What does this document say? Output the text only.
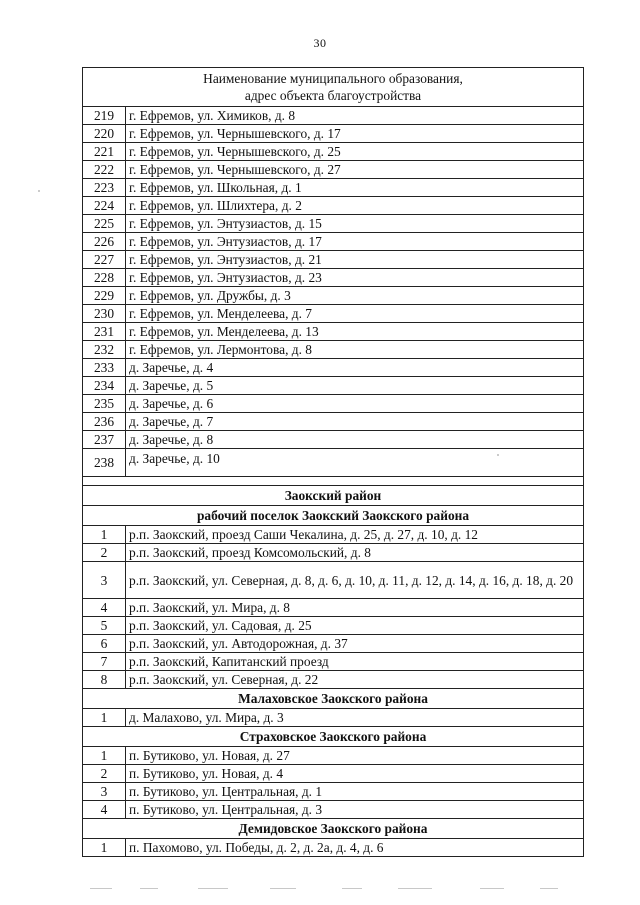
30
Наименование муниципального образования,
адрес объекта благоустройства	

219	г. Ефремов, ул. Химиков, д. 8
220	г. Ефремов, ул. Чернышевского, д. 17
221	г. Ефремов, ул. Чернышевского, д. 25
222	г. Ефремов, ул. Чернышевского, д. 27
223	г. Ефремов, ул. Школьная, д. 1
224	г. Ефремов, ул. Шлихтера, д. 2
225	г. Ефремов, ул. Энтузиастов, д. 15
226	г. Ефремов, ул. Энтузиастов, д. 17
227	г. Ефремов, ул. Энтузиастов, д. 21
228	г. Ефремов, ул. Энтузиастов, д. 23
229	г. Ефремов, ул. Дружбы, д. 3
230	г. Ефремов, ул. Менделеева, д. 7
231	г. Ефремов, ул. Менделеева, д. 13
232	г. Ефремов, ул. Лермонтова, д. 8
233	д. Заречье, д. 4
234	д. Заречье, д. 5
235	д. Заречье, д. 6
236	д. Заречье, д. 7
237	д. Заречье, д. 8
238	д. Заречье, д. 10

Заокский район	
рабочий поселок Заокский Заокского района	
1	р.п. Заокский, проезд Саши Чекалина, д. 25, д. 27, д. 10, д. 12
2	р.п. Заокский, проезд Комсомольский, д. 8
3	р.п. Заокский, ул. Северная, д. 8, д. 6, д. 10, д. 11, д. 12, д. 14, д. 16, д. 18, д. 20
4	р.п. Заокский, ул. Мира, д. 8
5	р.п. Заокский, ул. Садовая, д. 25
6	р.п. Заокский, ул. Автодорожная, д. 37
7	р.п. Заокский, Капитанский проезд
8	р.п. Заокский, ул. Северная, д. 22
Малаховское Заокского района	
1	д. Малахово, ул. Мира, д. 3
Страховское Заокского района	
1	п. Бутиково, ул. Новая, д. 27
2	п. Бутиково, ул. Новая, д. 4
3	п. Бутиково, ул. Центральная, д. 1
4	п. Бутиково, ул. Центральная, д. 3
Демидовское Заокского района	
1	п. Пахомово, ул. Победы, д. 2, д. 2а, д. 4, д. 6
